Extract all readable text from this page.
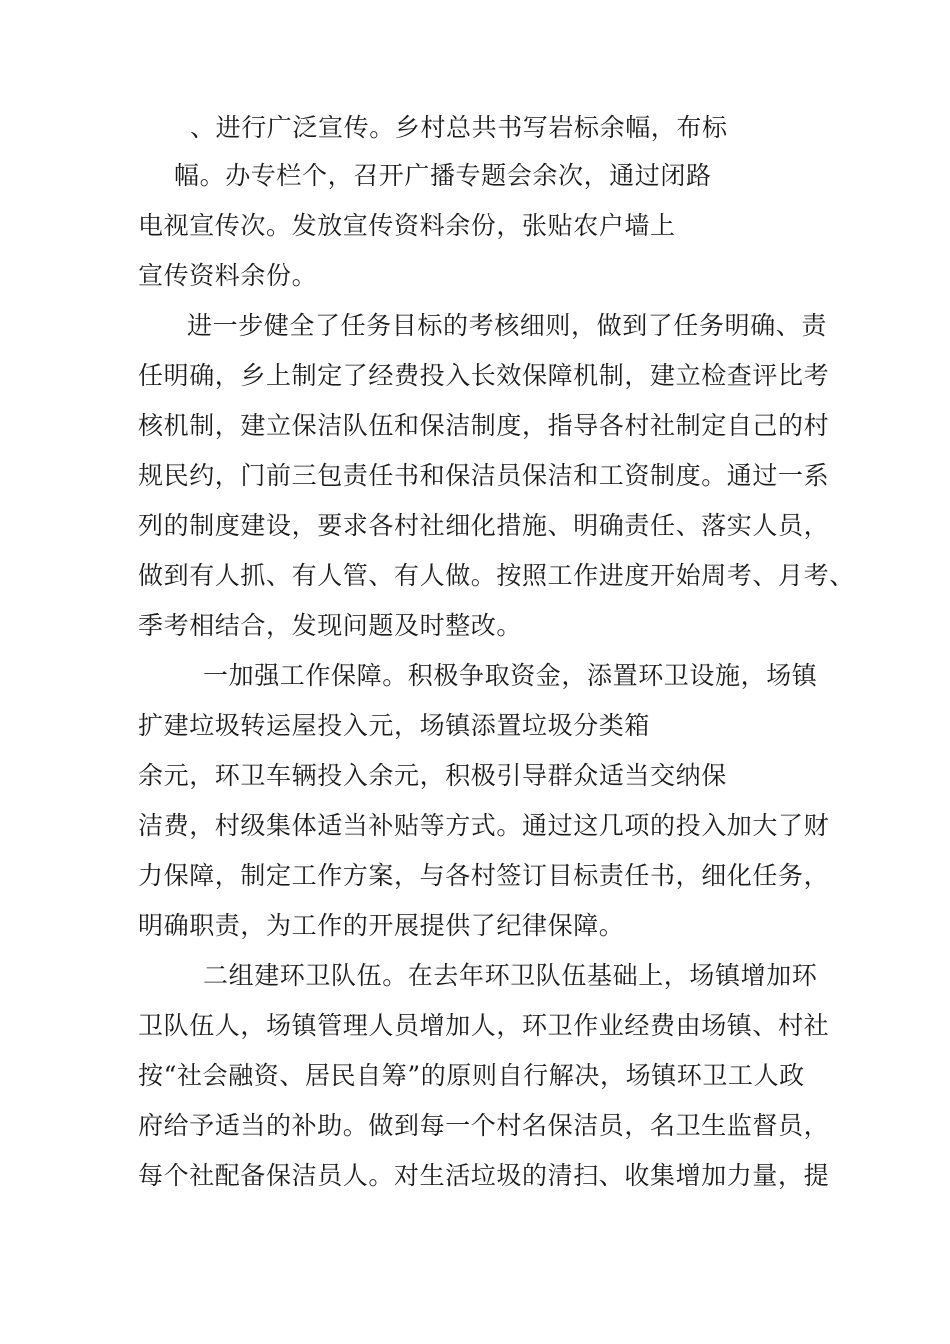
、进行广泛宣传。乡村总共书写岩标余幅，布标
幅。办专栏个，召开广播专题会余次，通过闭路
电视宣传次。发放宣传资料余份，张贴农户墙上
宣传资料余份。
进一步健全了任务目标的考核细则，做到了任务明确、责
任明确，乡上制定了经费投入长效保障机制，建立检查评比考
核机制，建立保洁队伍和保洁制度，指导各村社制定自己的村
规民约，门前三包责任书和保洁员保洁和工资制度。通过一系
列的制度建设，要求各村社细化措施、明确责任、落实人员，
做到有人抓、有人管、有人做。按照工作进度开始周考、月考、
季考相结合，发现问题及时整改。
一加强工作保障。积极争取资金，添置环卫设施，场镇
扩建垃圾转运屋投入元，场镇添置垃圾分类箱
余元，环卫车辆投入余元，积极引导群众适当交纳保
洁费，村级集体适当补贴等方式。通过这几项的投入加大了财
力保障，制定工作方案，与各村签订目标责任书，细化任务，
明确职责，为工作的开展提供了纪律保障。
二组建环卫队伍。在去年环卫队伍基础上，场镇增加环
卫队伍人，场镇管理人员增加人，环卫作业经费由场镇、村社
按“社会融资、居民自筹”的原则自行解决，场镇环卫工人政
府给予适当的补助。做到每一个村名保洁员，名卫生监督员，
每个社配备保洁员人。对生活垃圾的清扫、收集增加力量，提
